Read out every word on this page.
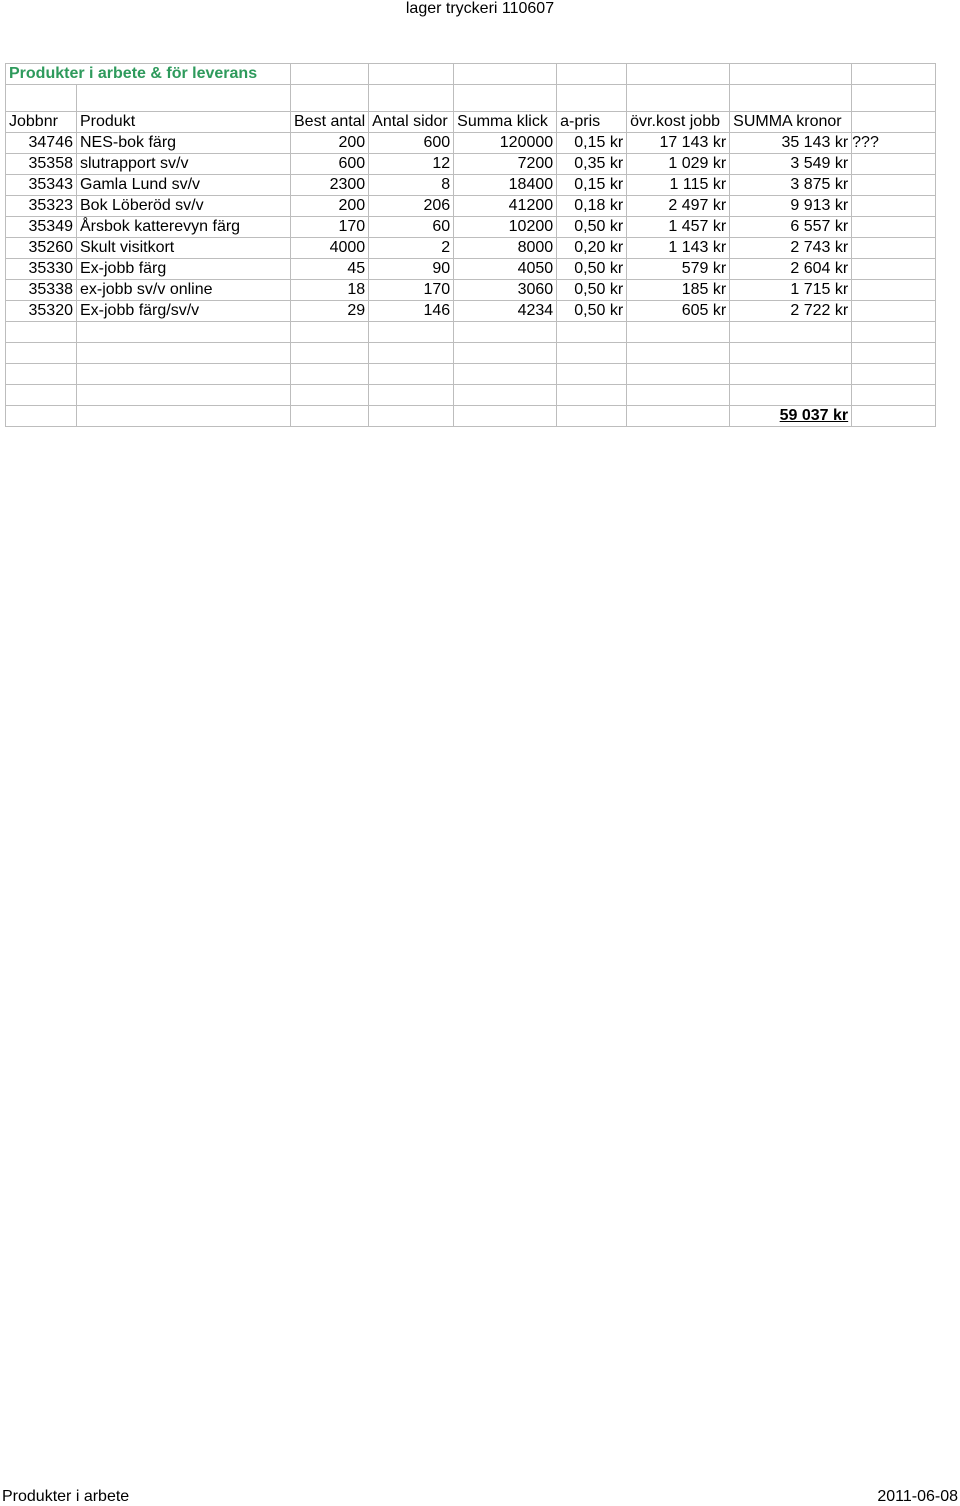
lager tryckeri 110607
Produkter i arbete & för leverans								

Jobbnr	Produkt	Best antal	Antal sidor	Summa klick	a-pris	övr.kost jobb	SUMMA kronor	
34746	NES-bok färg	200	600	120000	0,15 kr	17 143 kr	35 143 kr	???
35358	slutrapport sv/v	600	12	7200	0,35 kr	1 029 kr	3 549 kr	
35343	Gamla Lund sv/v	2300	8	18400	0,15 kr	1 115 kr	3 875 kr	
35323	Bok Löberöd sv/v	200	206	41200	0,18 kr	2 497 kr	9 913 kr	
35349	Årsbok katterevyn färg	170	60	10200	0,50 kr	1 457 kr	6 557 kr	
35260	Skult visitkort	4000	2	8000	0,20 kr	1 143 kr	2 743 kr	
35330	Ex-jobb färg	45	90	4050	0,50 kr	579 kr	2 604 kr	
35338	ex-jobb sv/v online	18	170	3060	0,50 kr	185 kr	1 715 kr	
35320	Ex-jobb färg/sv/v	29	146	4234	0,50 kr	605 kr	2 722 kr	

							59 037 kr	
Produkter i arbete	2011-06-08
